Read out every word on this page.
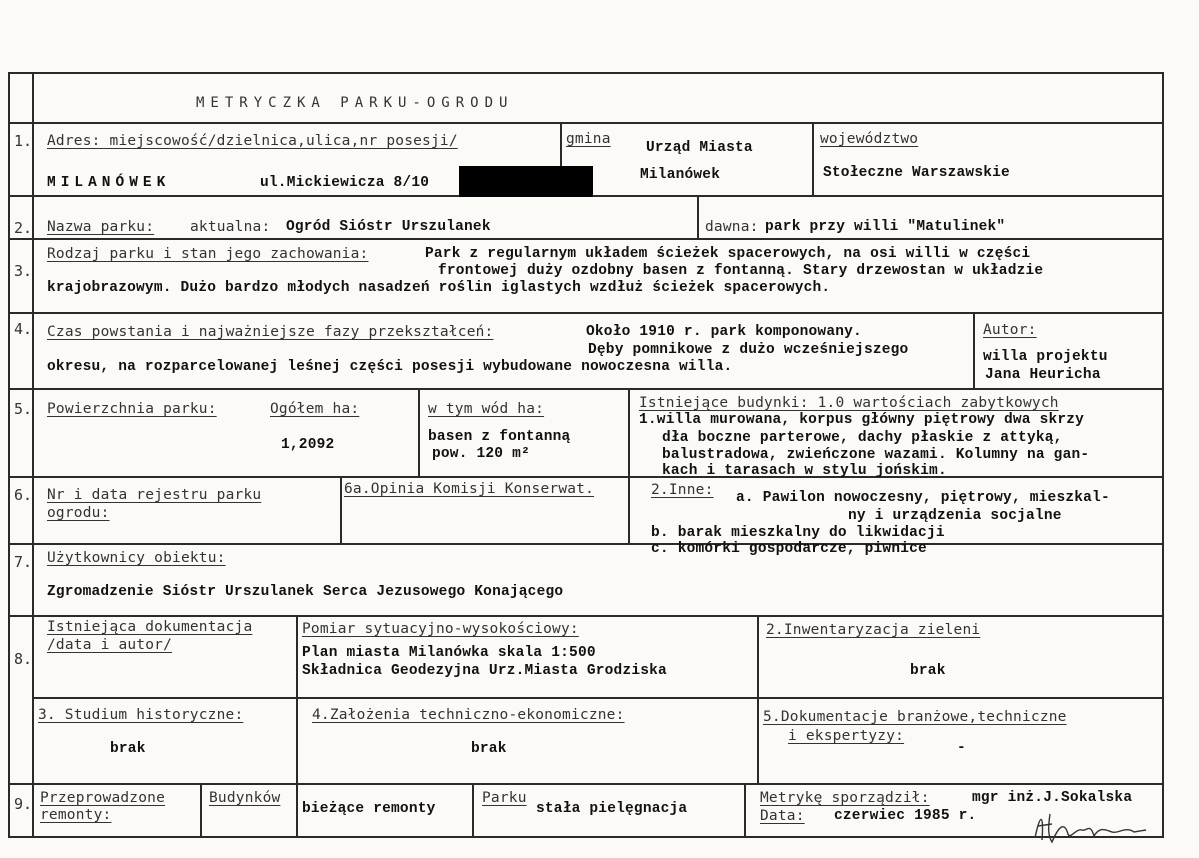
METRYCZKA PARKU-OGRODU
1.
2.
3.
4.
5.
6.
7.
8.
9.
Adres: miejscowość/dzielnica,ulica,nr posesji/
MILANÓWEK	ul.Mickiewicza 8/10
gmina
Urząd Miasta
Milanówek
województwo
Stołeczne Warszawskie
Nazwa parku: aktualna: Ogród Sióstr Urszulanek	dawna: park przy willi "Matulinek"
Rodzaj parku i stan jego zachowania:	Park z regularnym układem ścieżek spacerowych, na osi willi w części
frontowej duży ozdobny basen z fontanną. Stary drzewostan w układzie
krajobrazowym. Dużo bardzo młodych nasadzeń roślin iglastych wzdłuż ścieżek spacerowych.
Czas powstania i najważniejsze fazy przekształceń:	Około 1910 r. park komponowany.
Dęby pomnikowe z dużo wcześniejszego
okresu, na rozparcelowanej leśnej części posesji wybudowane nowoczesna willa.
Autor:
willa projektu
Jana Heuricha
Powierzchnia parku:	Ogółem ha:
1,2092
w tym wód ha:
basen z fontanną
pow. 120 m²
Istniejące budynki: 1.0 wartościach zabytkowych
1.willa murowana, korpus główny piętrowy dwa skrzy
dła boczne parterowe, dachy płaskie z attyką,
balustradowa, zwieńczone wazami. Kolumny na gan-
kach i tarasach w stylu jońskim.
Nr i data rejestru parku
ogrodu:
6a.Opinia Komisji Konserwat.	2.Inne: a. Pawilon nowoczesny, piętrowy, mieszkal-
ny i urządzenia socjalne
b. barak mieszkalny do likwidacji
c. komórki gospodarcze, piwnice
Użytkownicy obiektu:
Zgromadzenie Sióstr Urszulanek Serca Jezusowego Konającego
Istniejąca dokumentacja
/data i autor/
Pomiar sytuacyjno-wysokościowy:
Plan miasta Milanówka skala 1:500
Składnica Geodezyjna Urz.Miasta Grodziska
2.Inwentaryzacja zieleni
brak
3. Studium historyczne:
brak
4.Założenia techniczno-ekonomiczne:
brak
5.Dokumentacje branżowe,techniczne
i ekspertyzy:
-
Przeprowadzone
remonty:
Budynków
bieżące remonty
Parku
stała pielęgnacja
Metrykę sporządził:	mgr inż.J.Sokalska
Data: czerwiec 1985 r.
